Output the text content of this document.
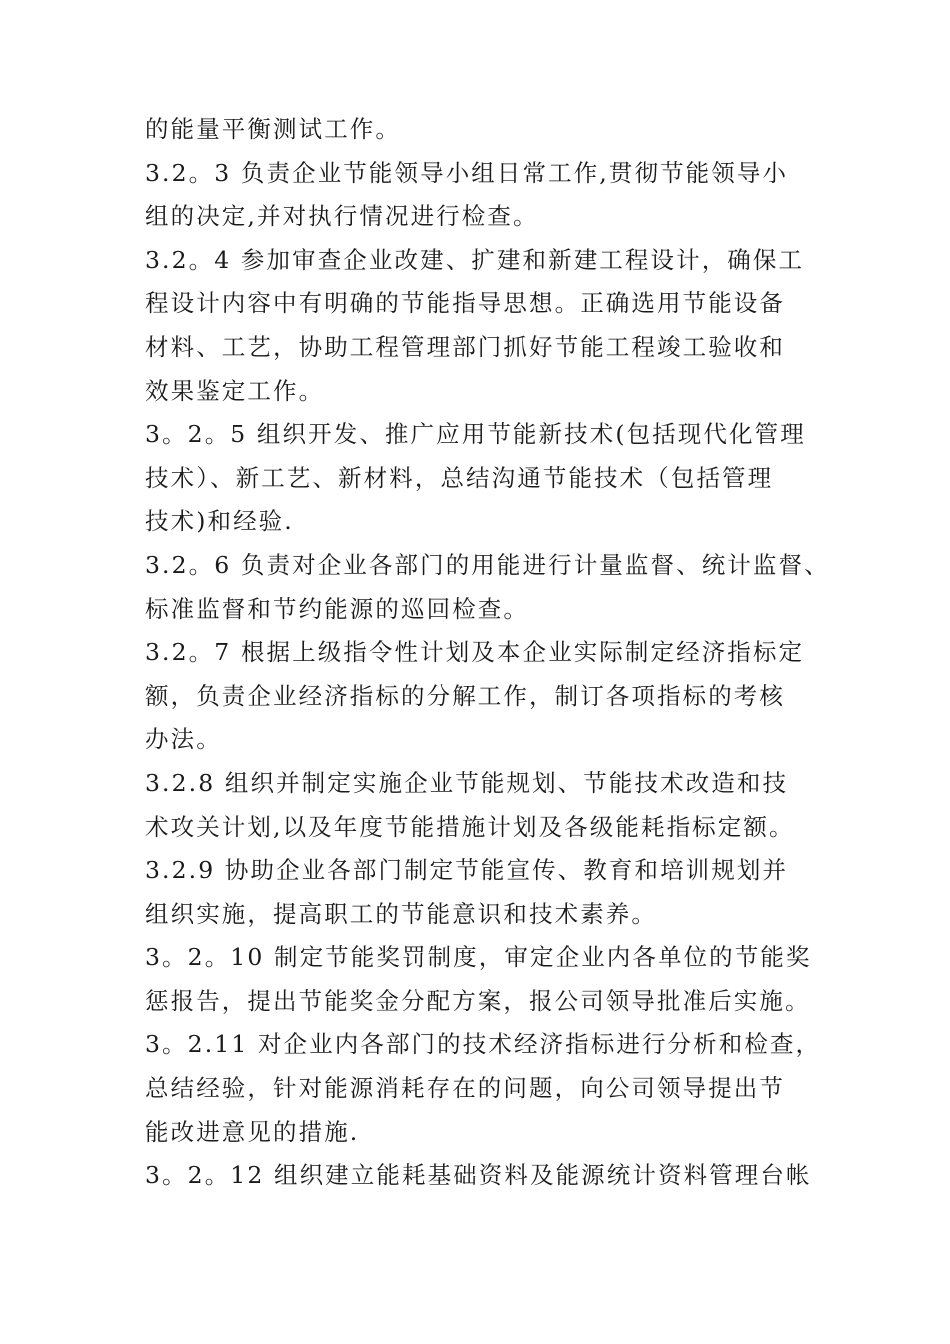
的能量平衡测试工作。
3.2。3 负责企业节能领导小组日常工作,贯彻节能领导小
组的决定,并对执行情况进行检查。
3.2。4 参加审查企业改建、扩建和新建工程设计，确保工
程设计内容中有明确的节能指导思想。正确选用节能设备
材料、工艺，协助工程管理部门抓好节能工程竣工验收和
效果鉴定工作。
3。2。5 组织开发、推广应用节能新技术(包括现代化管理
技术）、新工艺、新材料，总结沟通节能技术（包括管理
技术)和经验.
3.2。6 负责对企业各部门的用能进行计量监督、统计监督、
标准监督和节约能源的巡回检查。
3.2。7 根据上级指令性计划及本企业实际制定经济指标定
额，负责企业经济指标的分解工作，制订各项指标的考核
办法。
3.2.8 组织并制定实施企业节能规划、节能技术改造和技
术攻关计划,以及年度节能措施计划及各级能耗指标定额。
3.2.9 协助企业各部门制定节能宣传、教育和培训规划并
组织实施，提高职工的节能意识和技术素养。
3。2。10 制定节能奖罚制度，审定企业内各单位的节能奖
惩报告，提出节能奖金分配方案，报公司领导批准后实施。
3。2.11 对企业内各部门的技术经济指标进行分析和检查，
总结经验，针对能源消耗存在的问题，向公司领导提出节
能改进意见的措施.
3。2。12 组织建立能耗基础资料及能源统计资料管理台帐
